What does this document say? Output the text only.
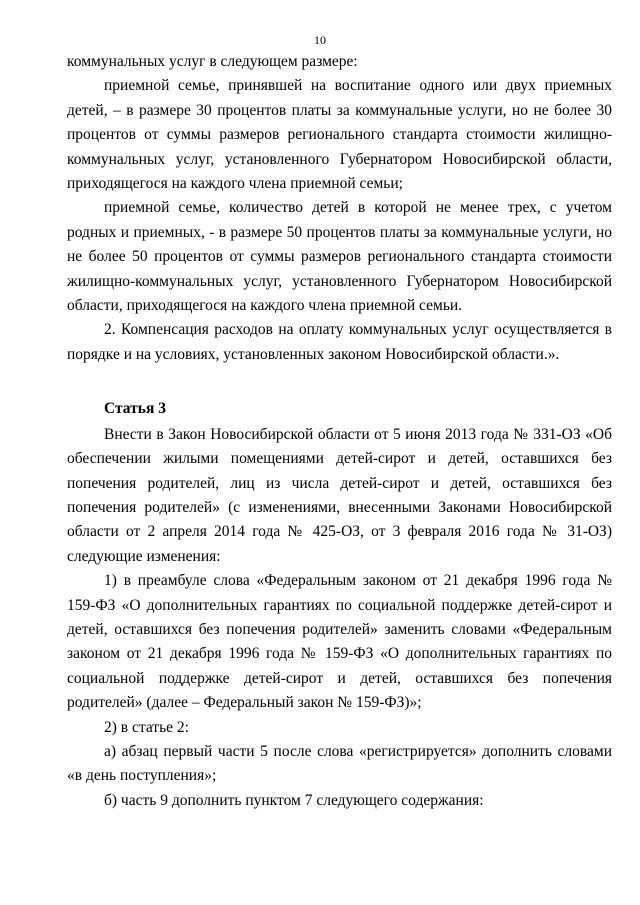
10

коммунальных услуг в следующем размере:

приемной семье, принявшей на воспитание одного или двух приемных детей, – в размере 30 процентов платы за коммунальные услуги, но не более 30 процентов от суммы размеров регионального стандарта стоимости жилищно-коммунальных услуг, установленного Губернатором Новосибирской области, приходящегося на каждого члена приемной семьи;

приемной семье, количество детей в которой не менее трех, с учетом родных и приемных, - в размере 50 процентов платы за коммунальные услуги, но не более 50 процентов от суммы размеров регионального стандарта стоимости жилищно-коммунальных услуг, установленного Губернатором Новосибирской области, приходящегося на каждого члена приемной семьи.

2. Компенсация расходов на оплату коммунальных услуг осуществляется в порядке и на условиях, установленных законом Новосибирской области.».

Статья 3

Внести в Закон Новосибирской области от 5 июня 2013 года № 331-ОЗ «Об обеспечении жилыми помещениями детей-сирот и детей, оставшихся без попечения родителей, лиц из числа детей-сирот и детей, оставшихся без попечения родителей» (с изменениями, внесенными Законами Новосибирской области от 2 апреля 2014 года № 425-ОЗ, от 3 февраля 2016 года № 31-ОЗ) следующие изменения:

1) в преамбуле слова «Федеральным законом от 21 декабря 1996 года № 159-ФЗ «О дополнительных гарантиях по социальной поддержке детей-сирот и детей, оставшихся без попечения родителей» заменить словами «Федеральным законом от 21 декабря 1996 года № 159-ФЗ «О дополнительных гарантиях по социальной поддержке детей-сирот и детей, оставшихся без попечения родителей» (далее – Федеральный закон № 159-ФЗ)»;

2) в статье 2:

а) абзац первый части 5 после слова «регистрируется» дополнить словами «в день поступления»;

б) часть 9 дополнить пунктом 7 следующего содержания:
